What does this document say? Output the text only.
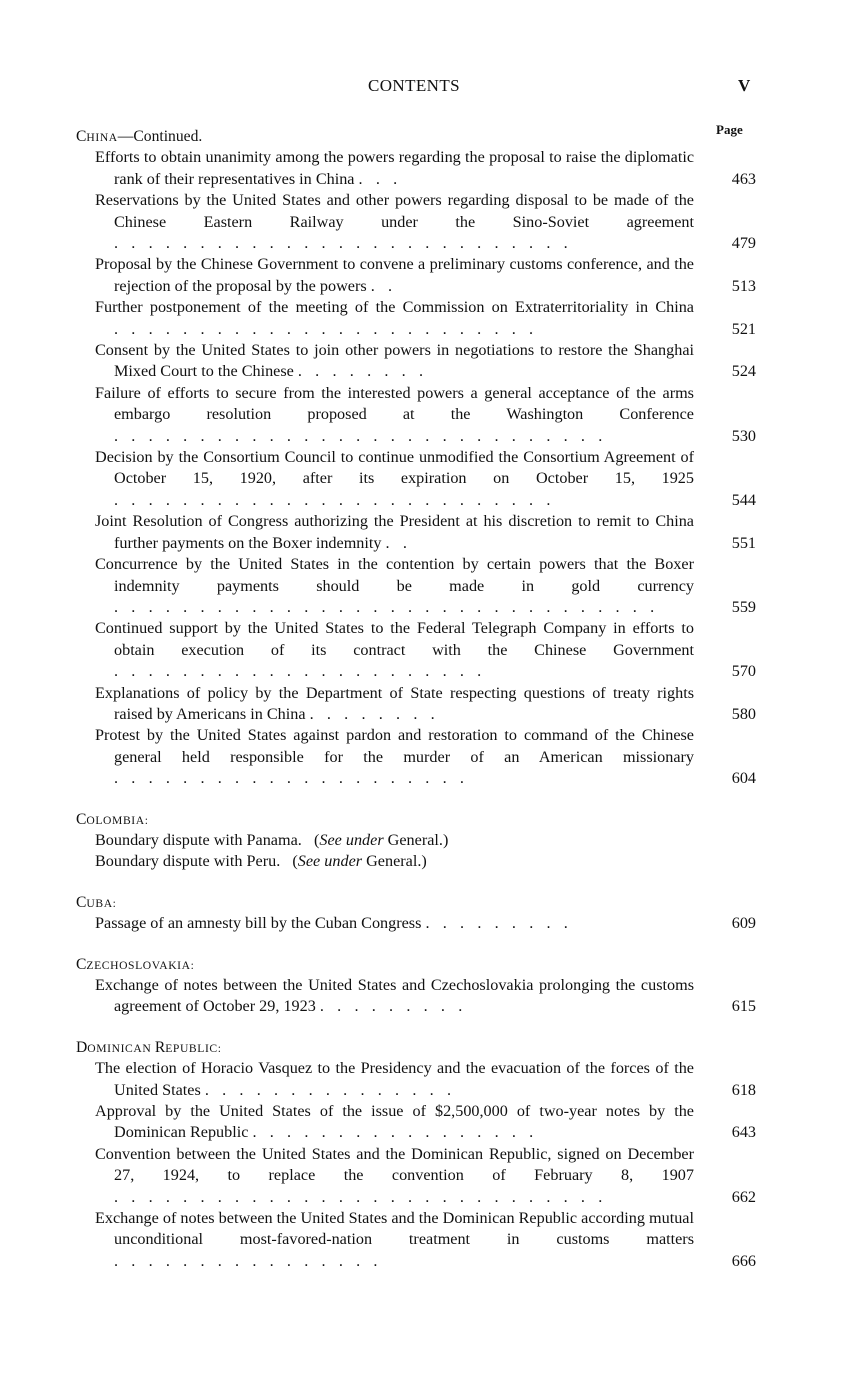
CONTENTS	V
Page
CHINA—Continued.
Efforts to obtain unanimity among the powers regarding the proposal to raise the diplomatic rank of their representatives in China . . .	463
Reservations by the United States and other powers regarding disposal to be made of the Chinese Eastern Railway under the Sino-Soviet agreement . . . . . . . . . . . . . . . . . . . . . . . . . . .	479
Proposal by the Chinese Government to convene a preliminary customs conference, and the rejection of the proposal by the powers . .	513
Further postponement of the meeting of the Commission on Extraterritoriality in China . . . . . . . . . . . . . . . . . . . . . . . . .	521
Consent by the United States to join other powers in negotiations to restore the Shanghai Mixed Court to the Chinese . . . . . . . .	524
Failure of efforts to secure from the interested powers a general acceptance of the arms embargo resolution proposed at the Washington Conference . . . . . . . . . . . . . . . . . . . . . . . . . . . . .	530
Decision by the Consortium Council to continue unmodified the Consortium Agreement of October 15, 1920, after its expiration on October 15, 1925 . . . . . . . . . . . . . . . . . . . . . . . . . .	544
Joint Resolution of Congress authorizing the President at his discretion to remit to China further payments on the Boxer indemnity . .	551
Concurrence by the United States in the contention by certain powers that the Boxer indemnity payments should be made in gold currency . . . . . . . . . . . . . . . . . . . . . . . . . . . . . . . .	559
Continued support by the United States to the Federal Telegraph Company in efforts to obtain execution of its contract with the Chinese Government . . . . . . . . . . . . . . . . . . . . . .	570
Explanations of policy by the Department of State respecting questions of treaty rights raised by Americans in China . . . . . . . .	580
Protest by the United States against pardon and restoration to command of the Chinese general held responsible for the murder of an American missionary . . . . . . . . . . . . . . . . . . . . .	604
COLOMBIA:
Boundary dispute with Panama.   (See under General.)
Boundary dispute with Peru.   (See under General.)
CUBA:
Passage of an amnesty bill by the Cuban Congress . . . . . . . . .	609
CZECHOSLOVAKIA:
Exchange of notes between the United States and Czechoslovakia prolonging the customs agreement of October 29, 1923 . . . . . . . . .	615
DOMINICAN REPUBLIC:
The election of Horacio Vasquez to the Presidency and the evacuation of the forces of the United States . . . . . . . . . . . . . . .	618
Approval by the United States of the issue of $2,500,000 of two-year notes by the Dominican Republic . . . . . . . . . . . . . . . . .	643
Convention between the United States and the Dominican Republic, signed on December 27, 1924, to replace the convention of February 8, 1907 . . . . . . . . . . . . . . . . . . . . . . . . . . . . .	662
Exchange of notes between the United States and the Dominican Republic according mutual unconditional most-favored-nation treatment in customs matters . . . . . . . . . . . . . . . .	666
